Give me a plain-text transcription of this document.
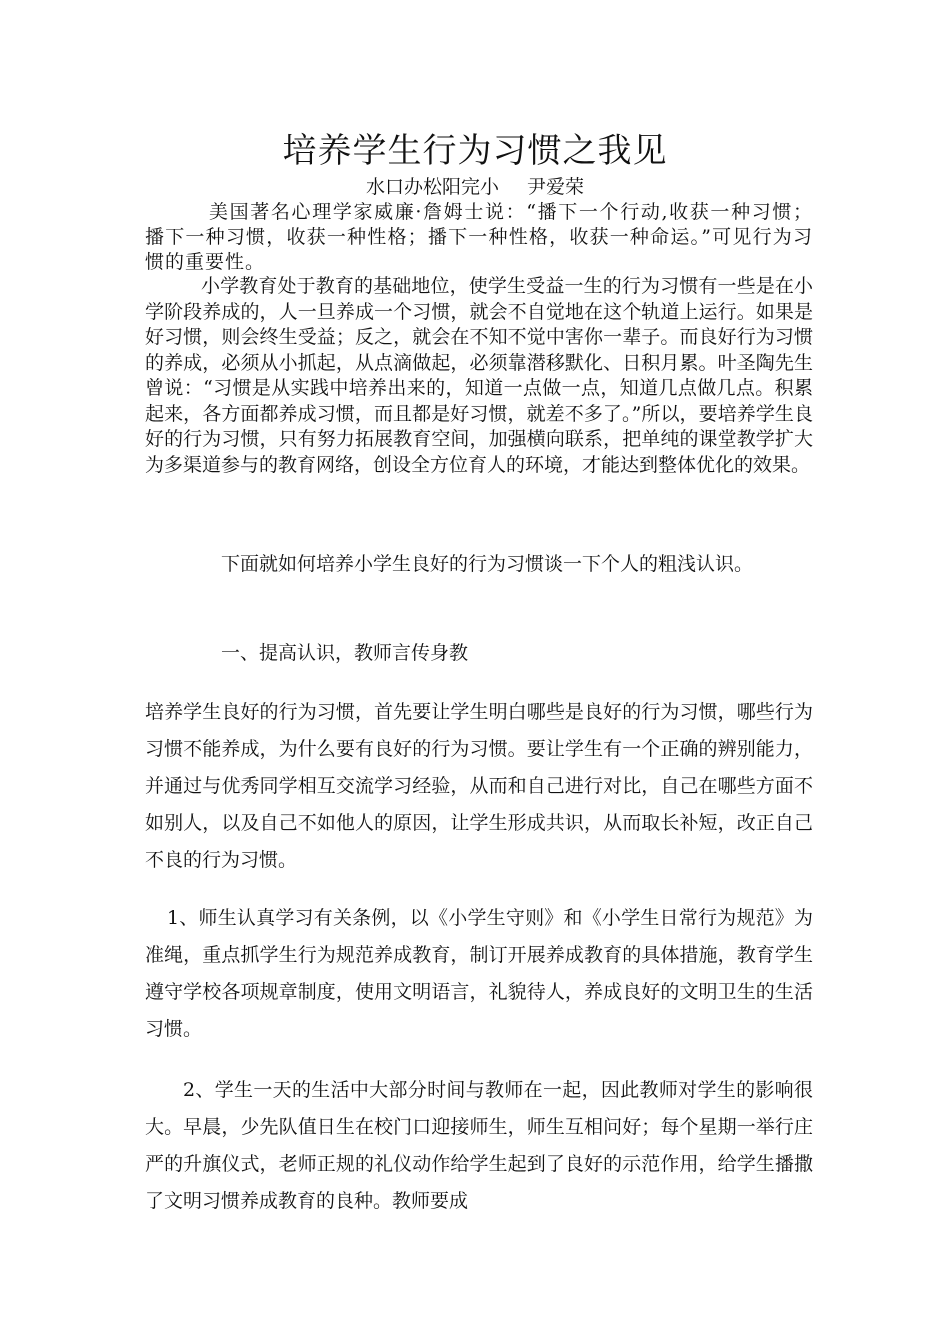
培养学生行为习惯之我见
水口办松阳完小 尹爱荣
美国著名心理学家威廉·詹姆士说：“播下一个行动,收获一种习惯；播下一种习惯，收获一种性格；播下一种性格，收获一种命运。”可见行为习惯的重要性。
小学教育处于教育的基础地位，使学生受益一生的行为习惯有一些是在小学阶段养成的，人一旦养成一个习惯，就会不自觉地在这个轨道上运行。如果是好习惯，则会终生受益；反之，就会在不知不觉中害你一辈子。而良好行为习惯的养成，必须从小抓起，从点滴做起，必须靠潜移默化、日积月累。叶圣陶先生曾说：“习惯是从实践中培养出来的，知道一点做一点，知道几点做几点。积累起来，各方面都养成习惯，而且都是好习惯，就差不多了。”所以，要培养学生良好的行为习惯，只有努力拓展教育空间，加强横向联系，把单纯的课堂教学扩大为多渠道参与的教育网络，创设全方位育人的环境，才能达到整体优化的效果。
下面就如何培养小学生良好的行为习惯谈一下个人的粗浅认识。
一、提高认识，教师言传身教
培养学生良好的行为习惯，首先要让学生明白哪些是良好的行为习惯，哪些行为习惯不能养成，为什么要有良好的行为习惯。要让学生有一个正确的辨别能力，并通过与优秀同学相互交流学习经验，从而和自己进行对比，自己在哪些方面不如别人，以及自己不如他人的原因，让学生形成共识，从而取长补短，改正自己不良的行为习惯。
1、师生认真学习有关条例，以《小学生守则》和《小学生日常行为规范》为准绳，重点抓学生行为规范养成教育，制订开展养成教育的具体措施，教育学生遵守学校各项规章制度，使用文明语言，礼貌待人，养成良好的文明卫生的生活习惯。
2、学生一天的生活中大部分时间与教师在一起，因此教师对学生的影响很大。早晨，少先队值日生在校门口迎接师生，师生互相问好；每个星期一举行庄严的升旗仪式，老师正规的礼仪动作给学生起到了良好的示范作用，给学生播撒了文明习惯养成教育的良种。教师要成
